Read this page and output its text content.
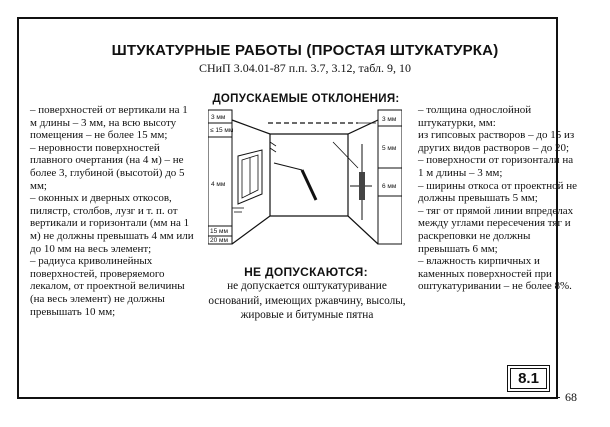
ШТУКАТУРНЫЕ РАБОТЫ (ПРОСТАЯ ШТУКАТУРКА)
СНиП 3.04.01-87 п.п. 3.7, 3.12, табл. 9, 10
– поверхностей от вертикали на 1 м длины – 3 мм, на всю высоту помещения – не более 15 мм;
– неровности поверхностей плавного очертания (на 4 м) – не более 3, глубиной (высотой) до 5 мм;
– оконных и дверных откосов, пилястр, столбов, лузг и т. п. от вертикали и горизонтали (мм на 1 м) не должны превышать 4 мм или до 10 мм на весь элемент;
– радиуса криволинейных поверхностей, проверяемого лекалом, от проектной величины (на весь элемент) не должны превышать 10 мм;
ДОПУСКАЕМЫЕ ОТКЛОНЕНИЯ:
3 мм
≤ 15 мм
4 мм
15 мм
20 мм
3 мм
5 мм
6 мм
НЕ ДОПУСКАЮТСЯ:
не допускается оштукатуривание оснований, имеющих ржавчину, высолы, жировые и битумные пятна
– толщина однослойной штукатурки, мм:
из гипсовых растворов – до 15 из других видов растворов – до 20;
– поверхности от горизонтали на 1 м длины – 3 мм;
– ширины откоса от проектной не должны превышать 5 мм;
– тяг от прямой линии впределах между углами пересечения тяг и раскреповки не должны превышать 6 мм;
– влажность кирпичных и каменных поверхностей при оштукатуривании – не более 8%.
8.1
68
